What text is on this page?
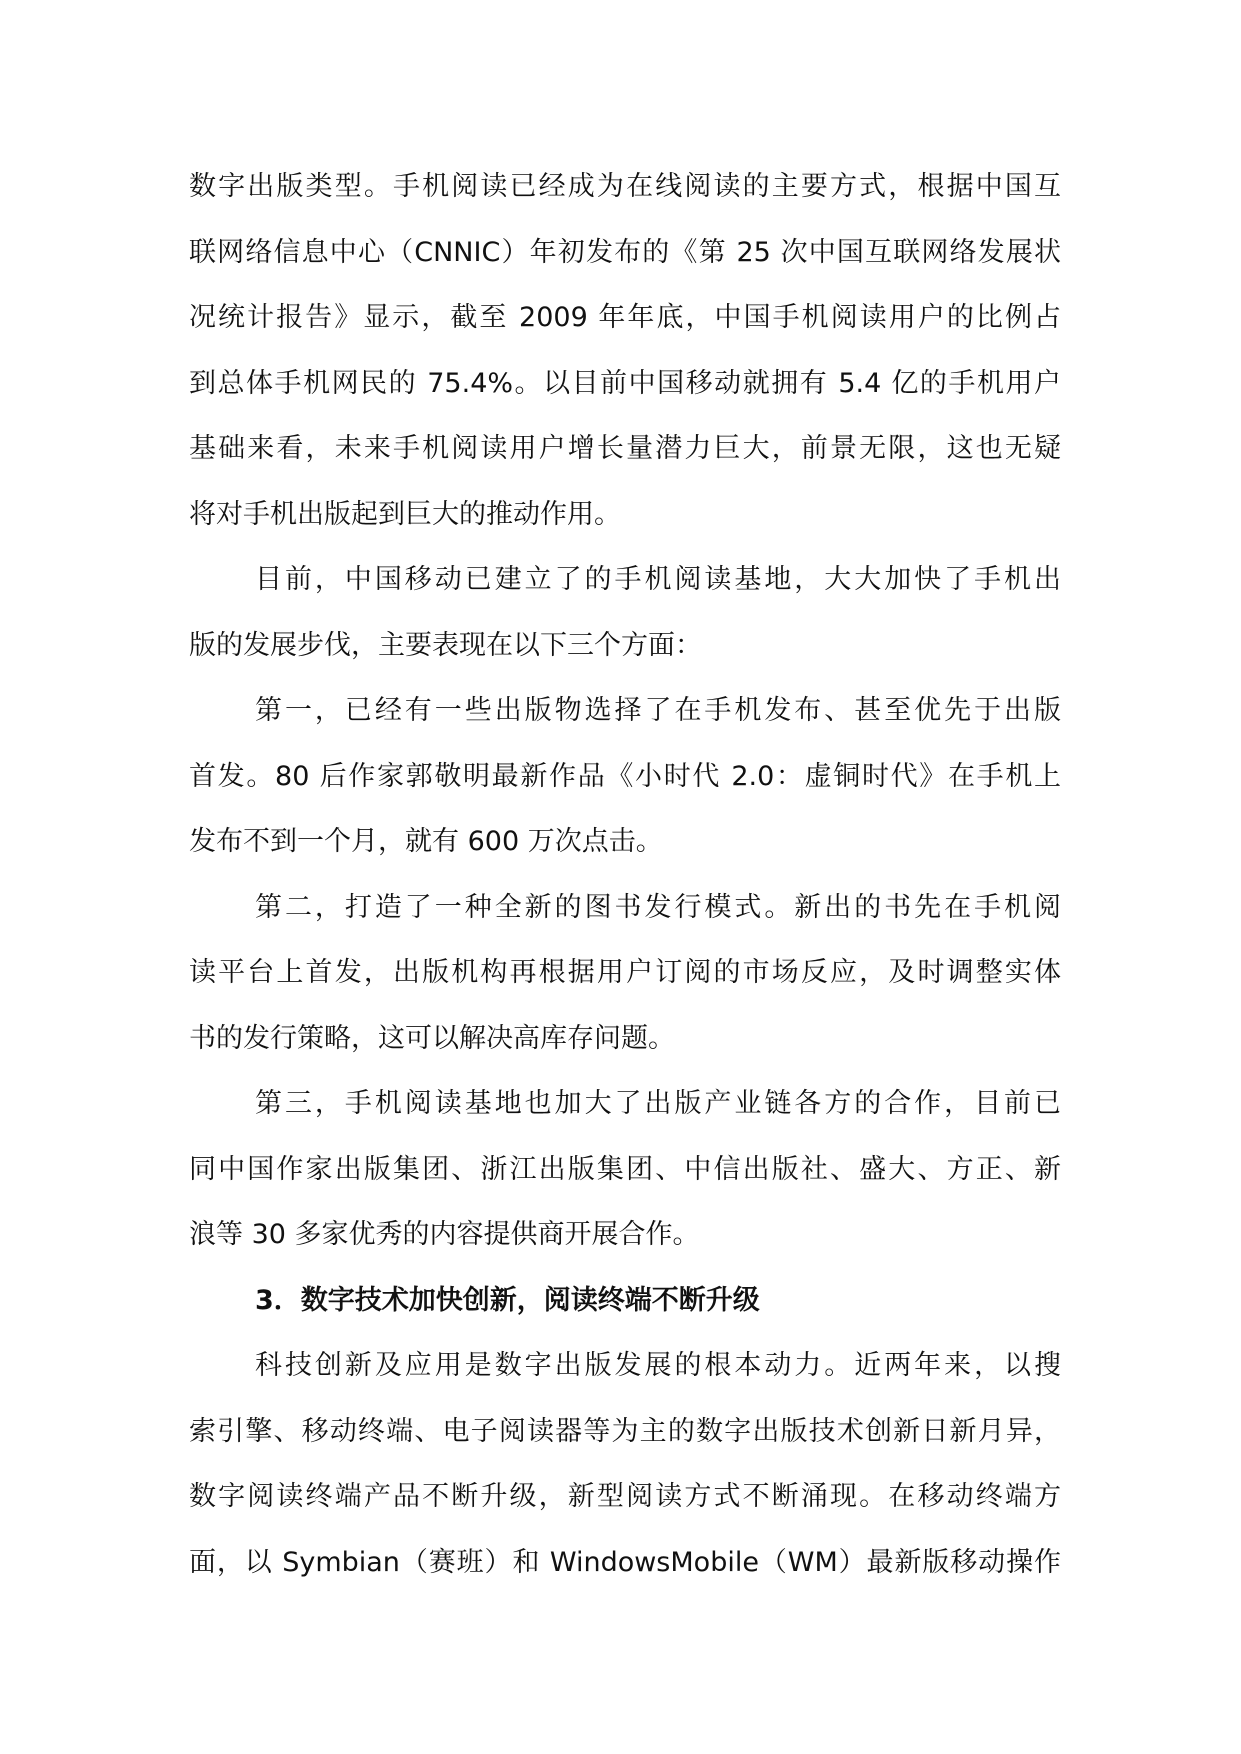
数字出版类型。手机阅读已经成为在线阅读的主要方式，根据中国互
联网络信息中心（CNNIC）年初发布的《第 25 次中国互联网络发展状
况统计报告》显示，截至 2009 年年底，中国手机阅读用户的比例占
到总体手机网民的 75.4%。以目前中国移动就拥有 5.4 亿的手机用户
基础来看，未来手机阅读用户增长量潜力巨大，前景无限，这也无疑
将对手机出版起到巨大的推动作用。
目前，中国移动已建立了的手机阅读基地，大大加快了手机出
版的发展步伐，主要表现在以下三个方面：
第一，已经有一些出版物选择了在手机发布、甚至优先于出版
首发。80 后作家郭敬明最新作品《小时代 2.0：虚铜时代》在手机上
发布不到一个月，就有 600 万次点击。
第二，打造了一种全新的图书发行模式。新出的书先在手机阅
读平台上首发，出版机构再根据用户订阅的市场反应，及时调整实体
书的发行策略，这可以解决高库存问题。
第三，手机阅读基地也加大了出版产业链各方的合作，目前已
同中国作家出版集团、浙江出版集团、中信出版社、盛大、方正、新
浪等 30 多家优秀的内容提供商开展合作。
3．数字技术加快创新，阅读终端不断升级
科技创新及应用是数字出版发展的根本动力。近两年来，以搜
索引擎、移动终端、电子阅读器等为主的数字出版技术创新日新月异，
数字阅读终端产品不断升级，新型阅读方式不断涌现。在移动终端方
面，以 Symbian（赛班）和 WindowsMobile（WM）最新版移动操作
